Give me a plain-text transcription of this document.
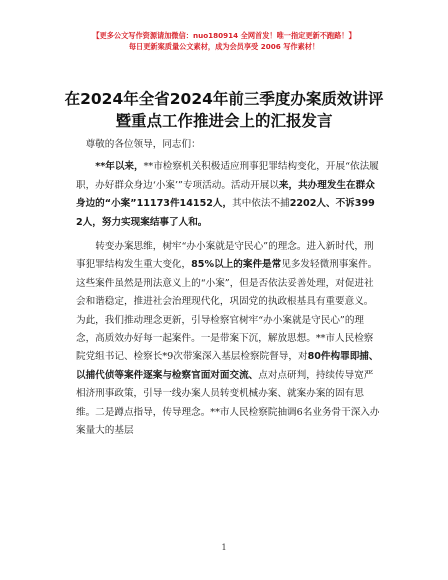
【更多公文写作资源请加微信：nuo180914 全网首发！唯一指定更新不跑路！】
每日更新案质量公文素材，成为会员享受 2006 写作素材！
在2024年全省2024年前三季度办案质效讲评
暨重点工作推进会上的汇报发言

尊敬的各位领导，同志们：

**年以来，**市检察机关积极适应刑事犯罪结构变化，开展“依法履职，办好群众身边‘小案’”专项活动。活动开展以来，共办理发生在群众身边的“小案”11173件14152人，其中依法不捕2202人、不诉3992人，努力实现案结事了人和。

转变办案思维，树牢“办小案就是守民心”的理念。进入新时代，刑事犯罪结构发生重大变化，85%以上的案件是常见多发轻微刑事案件。这些案件虽然是刑法意义上的“小案”，但是否依法妥善处理，对促进社会和谐稳定，推进社会治理现代化，巩固党的执政根基具有重要意义。为此，我们推动理念更新，引导检察官树牢“办小案就是守民心”的理念，高质效办好每一起案件。一是带案下沉，解放思想。**市人民检察院党组书记、检察长*9次带案深入基层检察院督导，对80件构罪即捕、以捕代侦等案件逐案与检察官面对面交流、点对点研判，持续传导宽严相济刑事政策，引导一线办案人员转变机械办案、就案办案的固有思维。二是蹲点指导，传导理念。**市人民检察院抽调6名业务骨干深入办案量大的基层

1
